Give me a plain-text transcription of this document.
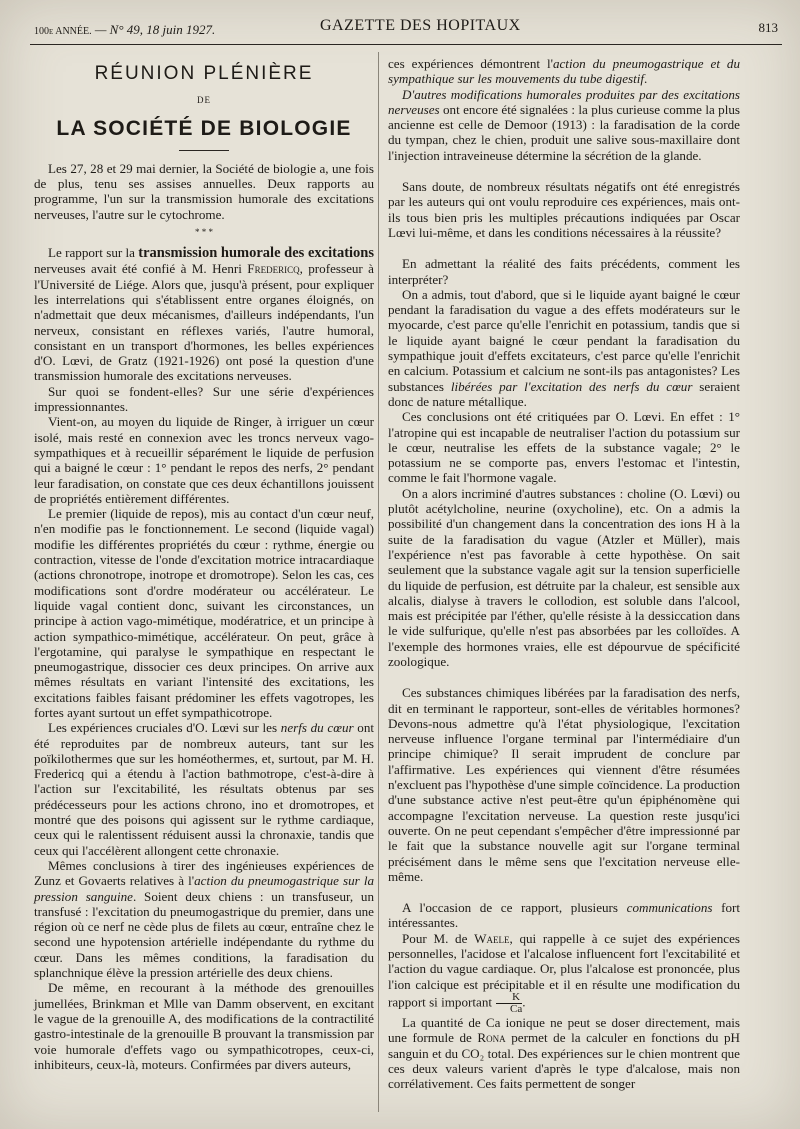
100e ANNÉE. — N° 49, 18 juin 1927.	GAZETTE DES HOPITAUX	813
RÉUNION PLÉNIÈRE
DE
LA SOCIÉTÉ DE BIOLOGIE

Les 27, 28 et 29 mai dernier, la Société de biologie a, une fois de plus, tenu ses assises annuelles. Deux rapports au programme, l'un sur la transmission humorale des excitations nerveuses, l'autre sur le cytochrome.

* * *

Le rapport sur la transmission humorale des excitations nerveuses avait été confié à M. Henri Fredericq, professeur à l'Université de Liége. Alors que, jusqu'à présent, pour expliquer les interrelations qui s'établissent entre organes éloignés, on n'admettait que deux mécanismes, d'ailleurs indépendants, l'un nerveux, consistant en réflexes variés, l'autre humoral, consistant en un transport d'hormones, les belles expériences d'O. Lœvi, de Gratz (1921-1926) ont posé la question d'une transmission humorale des excitations nerveuses.

Sur quoi se fondent-elles? Sur une série d'expériences impressionnantes.

Vient-on, au moyen du liquide de Ringer, à irriguer un cœur isolé, mais resté en connexion avec les troncs nerveux vago-sympathiques et à recueillir séparément le liquide de perfusion qui a baigné le cœur : 1° pendant le repos des nerfs, 2° pendant leur faradisation, on constate que ces deux échantillons jouissent de propriétés entièrement différentes.

Le premier (liquide de repos), mis au contact d'un cœur neuf, n'en modifie pas le fonctionnement. Le second (liquide vagal) modifie les différentes propriétés du cœur : rythme, énergie ou contraction, vitesse de l'onde d'excitation motrice intracardiaque (actions chronotrope, inotrope et dromotrope). Selon les cas, ces modifications sont d'ordre modérateur ou accélérateur. Le liquide vagal contient donc, suivant les circonstances, un principe à action vago-mimétique, modératrice, et un principe à action sympathico-mimétique, accélérateur. On peut, grâce à l'ergotamine, qui paralyse le sympathique en respectant le pneumogastrique, dissocier ces deux principes. On arrive aux mêmes résultats en variant l'intensité des excitations, les excitations faibles faisant prédominer les effets vagotropes, les fortes ayant surtout un effet sympathicotrope.

Les expériences cruciales d'O. Lœvi sur les nerfs du cœur ont été reproduites par de nombreux auteurs, tant sur les poïkilothermes que sur les homéothermes, et, surtout, par M. H. Fredericq qui a étendu à l'action bathmotrope, c'est-à-dire à l'action sur l'excitabilité, les résultats obtenus par ses prédécesseurs pour les actions chrono, ino et dromotropes, et montré que des poisons qui agissent sur le rythme cardiaque, ceux qui le ralentissent réduisent aussi la chronaxie, tandis que ceux qui l'accélèrent allongent cette chronaxie.

Mêmes conclusions à tirer des ingénieuses expériences de Zunz et Govaerts relatives à l'action du pneumogastrique sur la pression sanguine. Soient deux chiens : un transfuseur, un transfusé : l'excitation du pneumogastrique du premier, dans une région où ce nerf ne cède plus de filets au cœur, entraîne chez le second une hypotension artérielle indépendante du rythme du cœur. Dans les mêmes conditions, la faradisation du splanchnique élève la pression artérielle des deux chiens.

De même, en recourant à la méthode des grenouilles jumellées, Brinkman et Mlle van Damm observent, en excitant le vague de la grenouille A, des modifications de la contractilité gastro-intestinale de la grenouille B prouvant la transmission par voie humorale d'effets vago ou sympathicotropes, ceux-ci, inhibiteurs, ceux-là, moteurs. Confirmées par divers auteurs,

ces expériences démontrent l'action du pneumogastrique et du sympathique sur les mouvements du tube digestif.

D'autres modifications humorales produites par des excitations nerveuses ont encore été signalées : la plus curieuse comme la plus ancienne est celle de Demoor (1913) : la faradisation de la corde du tympan, chez le chien, produit une salive sous-maxillaire dont l'injection intraveineuse détermine la sécrétion de la glande.

Sans doute, de nombreux résultats négatifs ont été enregistrés par les auteurs qui ont voulu reproduire ces expériences, mais ont-ils tous bien pris les multiples précautions indiquées par Oscar Lœvi lui-même, et dans les conditions nécessaires à la réussite?

En admettant la réalité des faits précédents, comment les interpréter?

On a admis, tout d'abord, que si le liquide ayant baigné le cœur pendant la faradisation du vague a des effets modérateurs sur le myocarde, c'est parce qu'elle l'enrichit en potassium, tandis que si le liquide ayant baigné le cœur pendant la faradisation du sympathique jouit d'effets excitateurs, c'est parce qu'elle l'enrichit en calcium. Potassium et calcium ne sont-ils pas antagonistes? Les substances libérées par l'excitation des nerfs du cœur seraient donc de nature métallique.

Ces conclusions ont été critiquées par O. Lœvi. En effet : 1° l'atropine qui est incapable de neutraliser l'action du potassium sur le cœur, neutralise les effets de la substance vagale; 2° le potassium ne se comporte pas, envers l'estomac et l'intestin, comme le fait l'hormone vagale.

On a alors incriminé d'autres substances : choline (O. Lœvi) ou plutôt acétylcholine, neurine (oxycholine), etc. On a admis la possibilité d'un changement dans la concentration des ions H à la suite de la faradisation du vague (Atzler et Müller), mais l'expérience n'est pas favorable à cette hypothèse. On sait seulement que la substance vagale agit sur la tension superficielle du liquide de perfusion, est détruite par la chaleur, est sensible aux alcalis, dialyse à travers le collodion, est soluble dans l'alcool, mais est précipitée par l'éther, qu'elle résiste à la dessiccation dans le vide sulfurique, qu'elle n'est pas absorbées par les colloïdes. A l'exemple des hormones vraies, elle est dépourvue de spécificité zoologique.

Ces substances chimiques libérées par la faradisation des nerfs, dit en terminant le rapporteur, sont-elles de véritables hormones? Devons-nous admettre qu'à l'état physiologique, l'excitation nerveuse influence l'organe terminal par l'intermédiaire d'un principe chimique? Il serait imprudent de conclure par l'affirmative. Les expériences qui viennent d'être résumées n'excluent pas l'hypothèse d'une simple coïncidence. La production d'une substance active n'est peut-être qu'un épiphénomène qui accompagne l'excitation nerveuse. La question reste jusqu'ici ouverte. On ne peut cependant s'empêcher d'être impressionné par le fait que la substance nouvelle agit sur l'organe terminal précisément dans le même sens que l'excitation nerveuse elle-même.

A l'occasion de ce rapport, plusieurs communications fort intéressantes.

Pour M. de Waele, qui rappelle à ce sujet des expériences personnelles, l'acidose et l'alcalose influencent fort l'excitabilité et l'action du vague cardiaque. Or, plus l'alcalose est prononcée, plus l'ion calcique est précipitable et il en résulte une modification du rapport si important $\frac{K}{Ca}$ .

La quantité de Ca ionique ne peut se doser directement, mais une formule de Rona permet de la calculer en fonctions du pH sanguin et du CO₂ total. Des expériences sur le chien montrent que ces deux valeurs varient d'après le type d'alcalose, mais non corrélativement. Ces faits permettent de songer
